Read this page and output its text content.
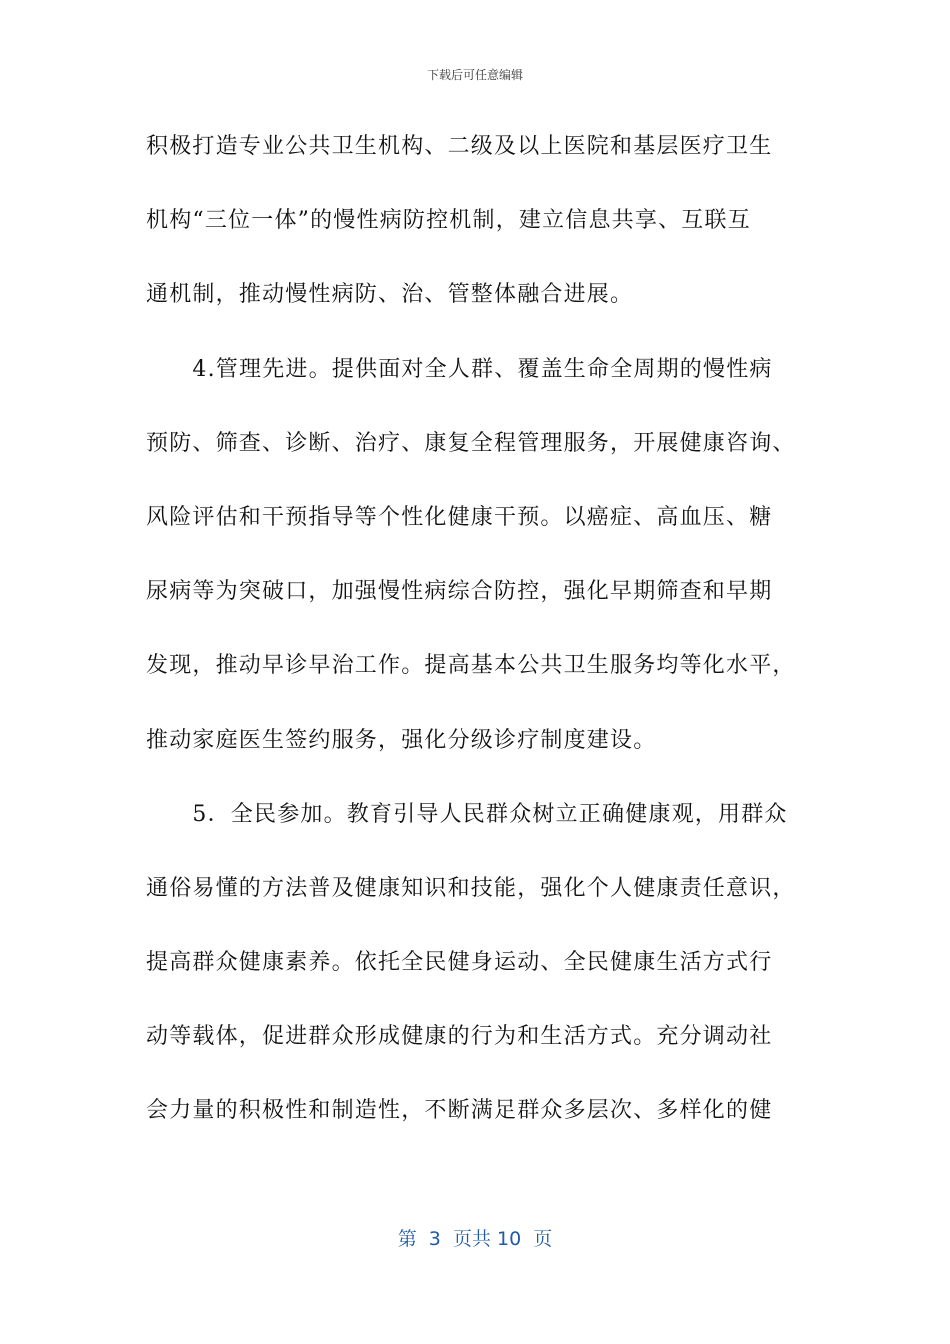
下载后可任意编辑
积极打造专业公共卫生机构、二级及以上医院和基层医疗卫生
机构“三位一体”的慢性病防控机制，建立信息共享、互联互
通机制，推动慢性病防、治、管整体融合进展。
　　4.管理先进。提供面对全人群、覆盖生命全周期的慢性病
预防、筛查、诊断、治疗、康复全程管理服务，开展健康咨询、
风险评估和干预指导等个性化健康干预。以癌症、高血压、糖
尿病等为突破口，加强慢性病综合防控，强化早期筛查和早期
发现，推动早诊早治工作。提高基本公共卫生服务均等化水平，
推动家庭医生签约服务，强化分级诊疗制度建设。
　　5．全民参加。教育引导人民群众树立正确健康观，用群众
通俗易懂的方法普及健康知识和技能，强化个人健康责任意识，
提高群众健康素养。依托全民健身运动、全民健康生活方式行
动等载体，促进群众形成健康的行为和生活方式。充分调动社
会力量的积极性和制造性，不断满足群众多层次、多样化的健
第  3  页共 10  页
